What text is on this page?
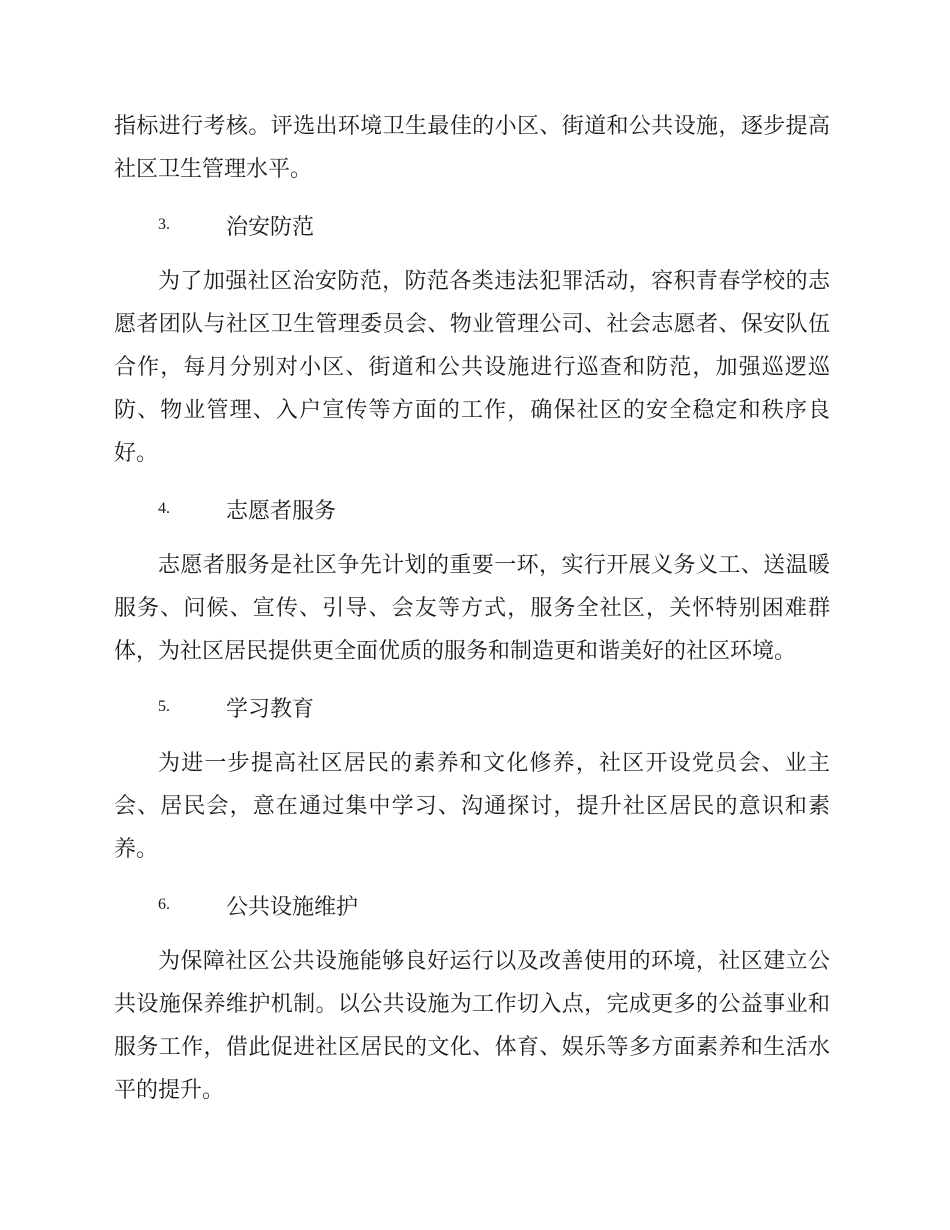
指标进行考核。评选出环境卫生最佳的小区、街道和公共设施，逐步提高社区卫生管理水平。

3.	治安防范

为了加强社区治安防范，防范各类违法犯罪活动，容积青春学校的志愿者团队与社区卫生管理委员会、物业管理公司、社会志愿者、保安队伍合作，每月分别对小区、街道和公共设施进行巡查和防范，加强巡逻巡防、物业管理、入户宣传等方面的工作，确保社区的安全稳定和秩序良好。

4.	志愿者服务

志愿者服务是社区争先计划的重要一环，实行开展义务义工、送温暖服务、问候、宣传、引导、会友等方式，服务全社区，关怀特别困难群体，为社区居民提供更全面优质的服务和制造更和谐美好的社区环境。

5.	学习教育

为进一步提高社区居民的素养和文化修养，社区开设党员会、业主会、居民会，意在通过集中学习、沟通探讨，提升社区居民的意识和素养。

6.	公共设施维护

为保障社区公共设施能够良好运行以及改善使用的环境，社区建立公共设施保养维护机制。以公共设施为工作切入点，完成更多的公益事业和服务工作，借此促进社区居民的文化、体育、娱乐等多方面素养和生活水平的提升。
